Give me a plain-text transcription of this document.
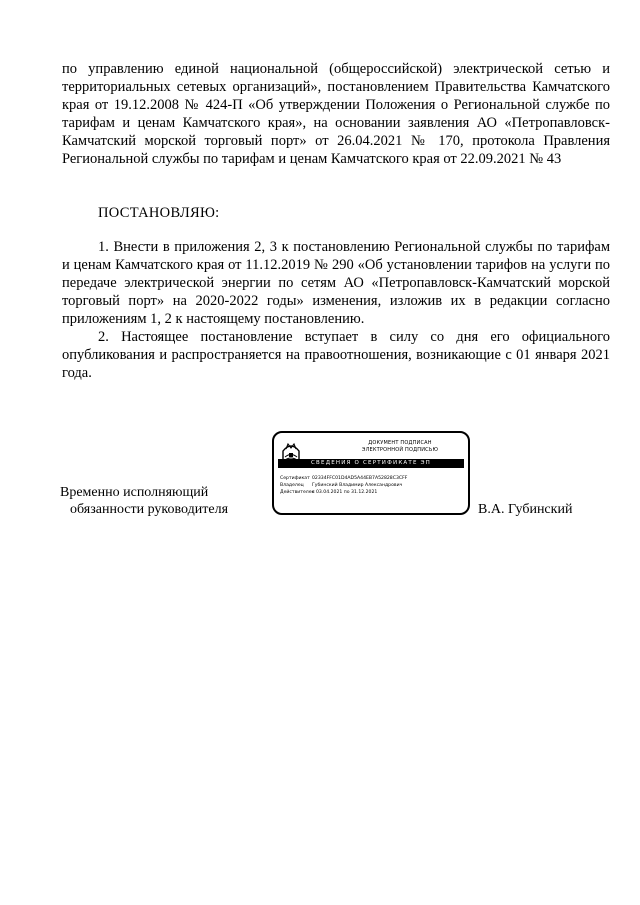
по управлению единой национальной (общероссийской) электрической сетью и территориальных сетевых организаций», постановлением Правительства Камчатского края от 19.12.2008 № 424-П «Об утверждении Положения о Региональной службе по тарифам и ценам Камчатского края», на основании заявления АО «Петропавловск-Камчатский морской торговый порт» от 26.04.2021 № 170, протокола Правления Региональной службы по тарифам и ценам Камчатского края от 22.09.2021 № 43

ПОСТАНОВЛЯЮ:

1. Внести в приложения 2, 3 к постановлению Региональной службы по тарифам и ценам Камчатского края от 11.12.2019 № 290 «Об установлении тарифов на услуги по передаче электрической энергии по сетям АО «Петропавловск-Камчатский морской торговый порт» на 2020-2022 годы» изменения, изложив их в редакции согласно приложениям 1, 2 к настоящему постановлению.

2. Настоящее постановление вступает в силу со дня его официального опубликования и распространяется на правоотношения, возникающие с 01 января 2021 года.

Временно исполняющий
обязанности руководителя
ДОКУМЕНТ ПОДПИСАН
ЭЛЕКТРОННОЙ ПОДПИСЬЮ
СВЕДЕНИЯ О СЕРТИФИКАТЕ ЭП
Сертификат 02334FFC01D4AD5A44EB7A52828C3CFF
Владелец	Губинский Владимир Александрович
Действителен
с 03.04.2021 по 31.12.2021
В.А. Губинский
